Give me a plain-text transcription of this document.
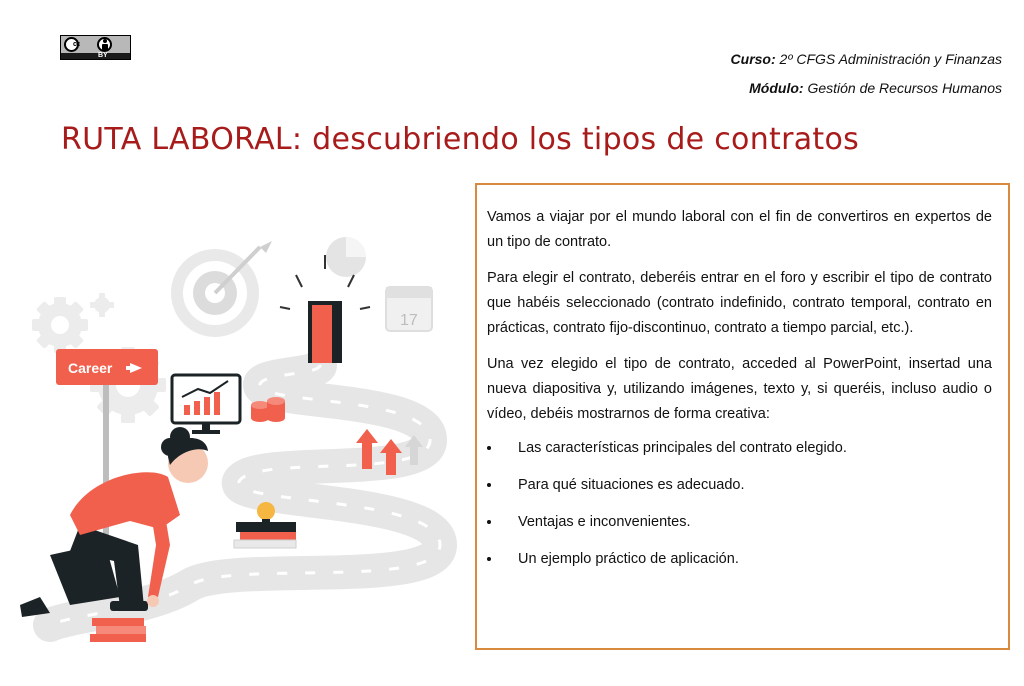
cc
BY	Curso: 2º CFGS Administración y Finanzas
Módulo: Gestión de Recursos Humanos
RUTA LABORAL: descubriendo los tipos de contratos
17
Career

Vamos a viajar por el mundo laboral con el fin de convertiros en expertos de un tipo de contrato.

Para elegir el contrato, deberéis entrar en el foro y escribir el tipo de contrato que habéis seleccionado (contrato indefinido, contrato temporal, contrato en prácticas, contrato fijo-discontinuo, contrato a tiempo parcial, etc.).

Una vez elegido el tipo de contrato, acceded al PowerPoint, insertad una nueva diapositiva y, utilizando imágenes, texto y, si queréis, incluso audio o vídeo, debéis mostrarnos de forma creativa:

Las características principales del contrato elegido.
Para qué situaciones es adecuado.
Ventajas e inconvenientes.
Un ejemplo práctico de aplicación.
